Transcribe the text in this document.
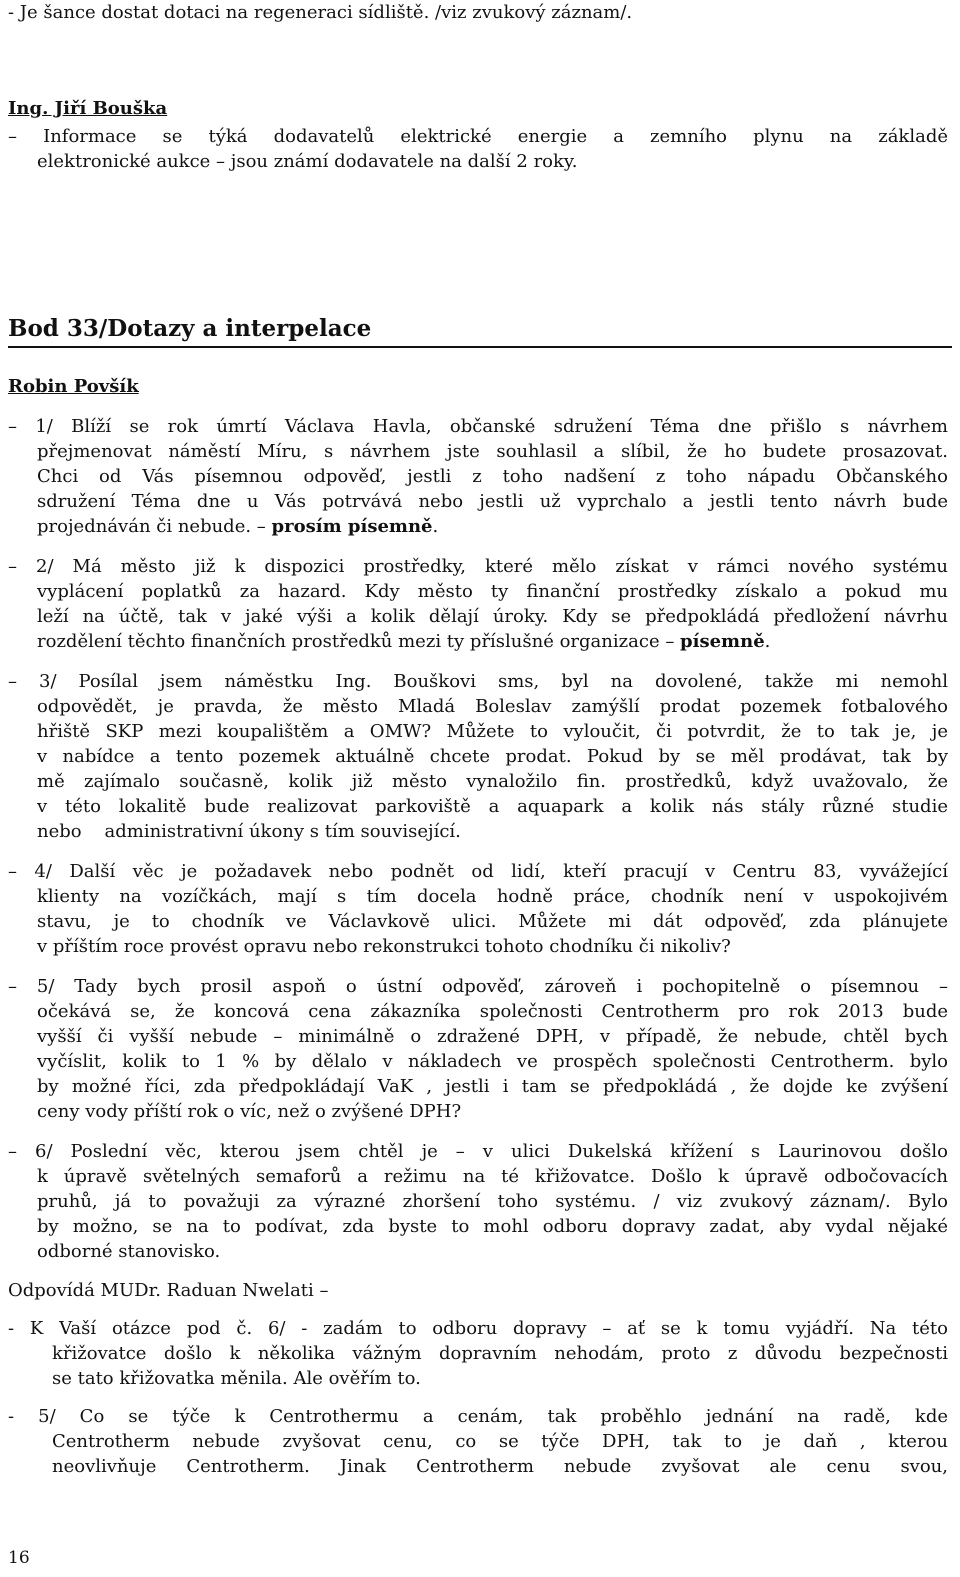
- Je šance dostat dotaci na regeneraci sídliště. /viz zvukový záznam/.
Ing. Jiří Bouška
– Informace se týká dodavatelů elektrické energie a zemního plynu na základě
elektronické aukce – jsou známí dodavatele na další 2 roky.
Bod 33/Dotazy a interpelace
Robin Povšík
– 1/ Blíží se rok úmrtí Václava Havla, občanské sdružení Téma dne přišlo s návrhem
přejmenovat náměstí Míru, s návrhem jste souhlasil a slíbil, že ho budete prosazovat.
Chci od Vás písemnou odpověď, jestli z toho nadšení z toho nápadu Občanského
sdružení Téma dne u Vás potrvává nebo jestli už vyprchalo a jestli tento návrh bude
projednáván či nebude. – prosím písemně.
– 2/ Má město již k dispozici prostředky, které mělo získat v rámci nového systému
vyplácení poplatků za hazard. Kdy město ty finanční prostředky získalo a pokud mu
leží na účtě, tak v jaké výši a kolik dělají úroky. Kdy se předpokládá předložení návrhu
rozdělení těchto finančních prostředků mezi ty příslušné organizace – písemně.
– 3/ Posílal jsem náměstku Ing. Bouškovi sms, byl na dovolené, takže mi nemohl
odpovědět, je pravda, že město Mladá Boleslav zamýšlí prodat pozemek fotbalového
hřiště SKP mezi koupalištěm a OMW? Můžete to vyloučit, či potvrdit, že to tak je, je
v nabídce a tento pozemek aktuálně chcete prodat. Pokud by se měl prodávat, tak by
mě zajímalo současně, kolik již město vynaložilo fin. prostředků, když uvažovalo, že
v této lokalitě bude realizovat parkoviště a aquapark a kolik nás stály různé studie
nebo    administrativní úkony s tím související.
– 4/ Další věc je požadavek nebo podnět od lidí, kteří pracují v Centru 83, vyvážející
klienty na vozíčkách, mají s tím docela hodně práce, chodník není v uspokojivém
stavu, je to chodník ve Václavkově ulici. Můžete mi dát odpověď, zda plánujete
v příštím roce provést opravu nebo rekonstrukci tohoto chodníku či nikoliv?
– 5/ Tady bych prosil aspoň o ústní odpověď, zároveň i pochopitelně o písemnou –
očekává se, že koncová cena zákazníka společnosti Centrotherm pro rok 2013 bude
vyšší či vyšší nebude – minimálně o zdražené DPH, v případě, že nebude, chtěl bych
vyčíslit, kolik to 1 % by dělalo v nákladech ve prospěch společnosti Centrotherm. bylo
by možné říci, zda předpokládají VaK , jestli i tam se předpokládá , že dojde ke zvýšení
ceny vody příští rok o víc, než o zvýšené DPH?
– 6/ Poslední věc, kterou jsem chtěl je – v ulici Dukelská křížení s Laurinovou došlo
k úpravě světelných semaforů a režimu na té křižovatce. Došlo k úpravě odbočovacích
pruhů, já to považuji za výrazné zhoršení toho systému. / viz zvukový záznam/. Bylo
by možno, se na to podívat, zda byste to mohl odboru dopravy zadat, aby vydal nějaké
odborné stanovisko.
Odpovídá MUDr. Raduan Nwelati –
- K Vaší otázce pod č. 6/ - zadám to odboru dopravy – ať se k tomu vyjádří. Na této
křižovatce došlo k několika vážným dopravním nehodám, proto z důvodu bezpečnosti
se tato křižovatka měnila. Ale ověřím to.
- 5/ Co se týče k Centrothermu a cenám, tak proběhlo jednání na radě, kde
Centrotherm nebude zvyšovat cenu, co se týče DPH, tak to je daň , kterou
neovlivňuje Centrotherm. Jinak Centrotherm nebude zvyšovat ale cenu svou,
16
